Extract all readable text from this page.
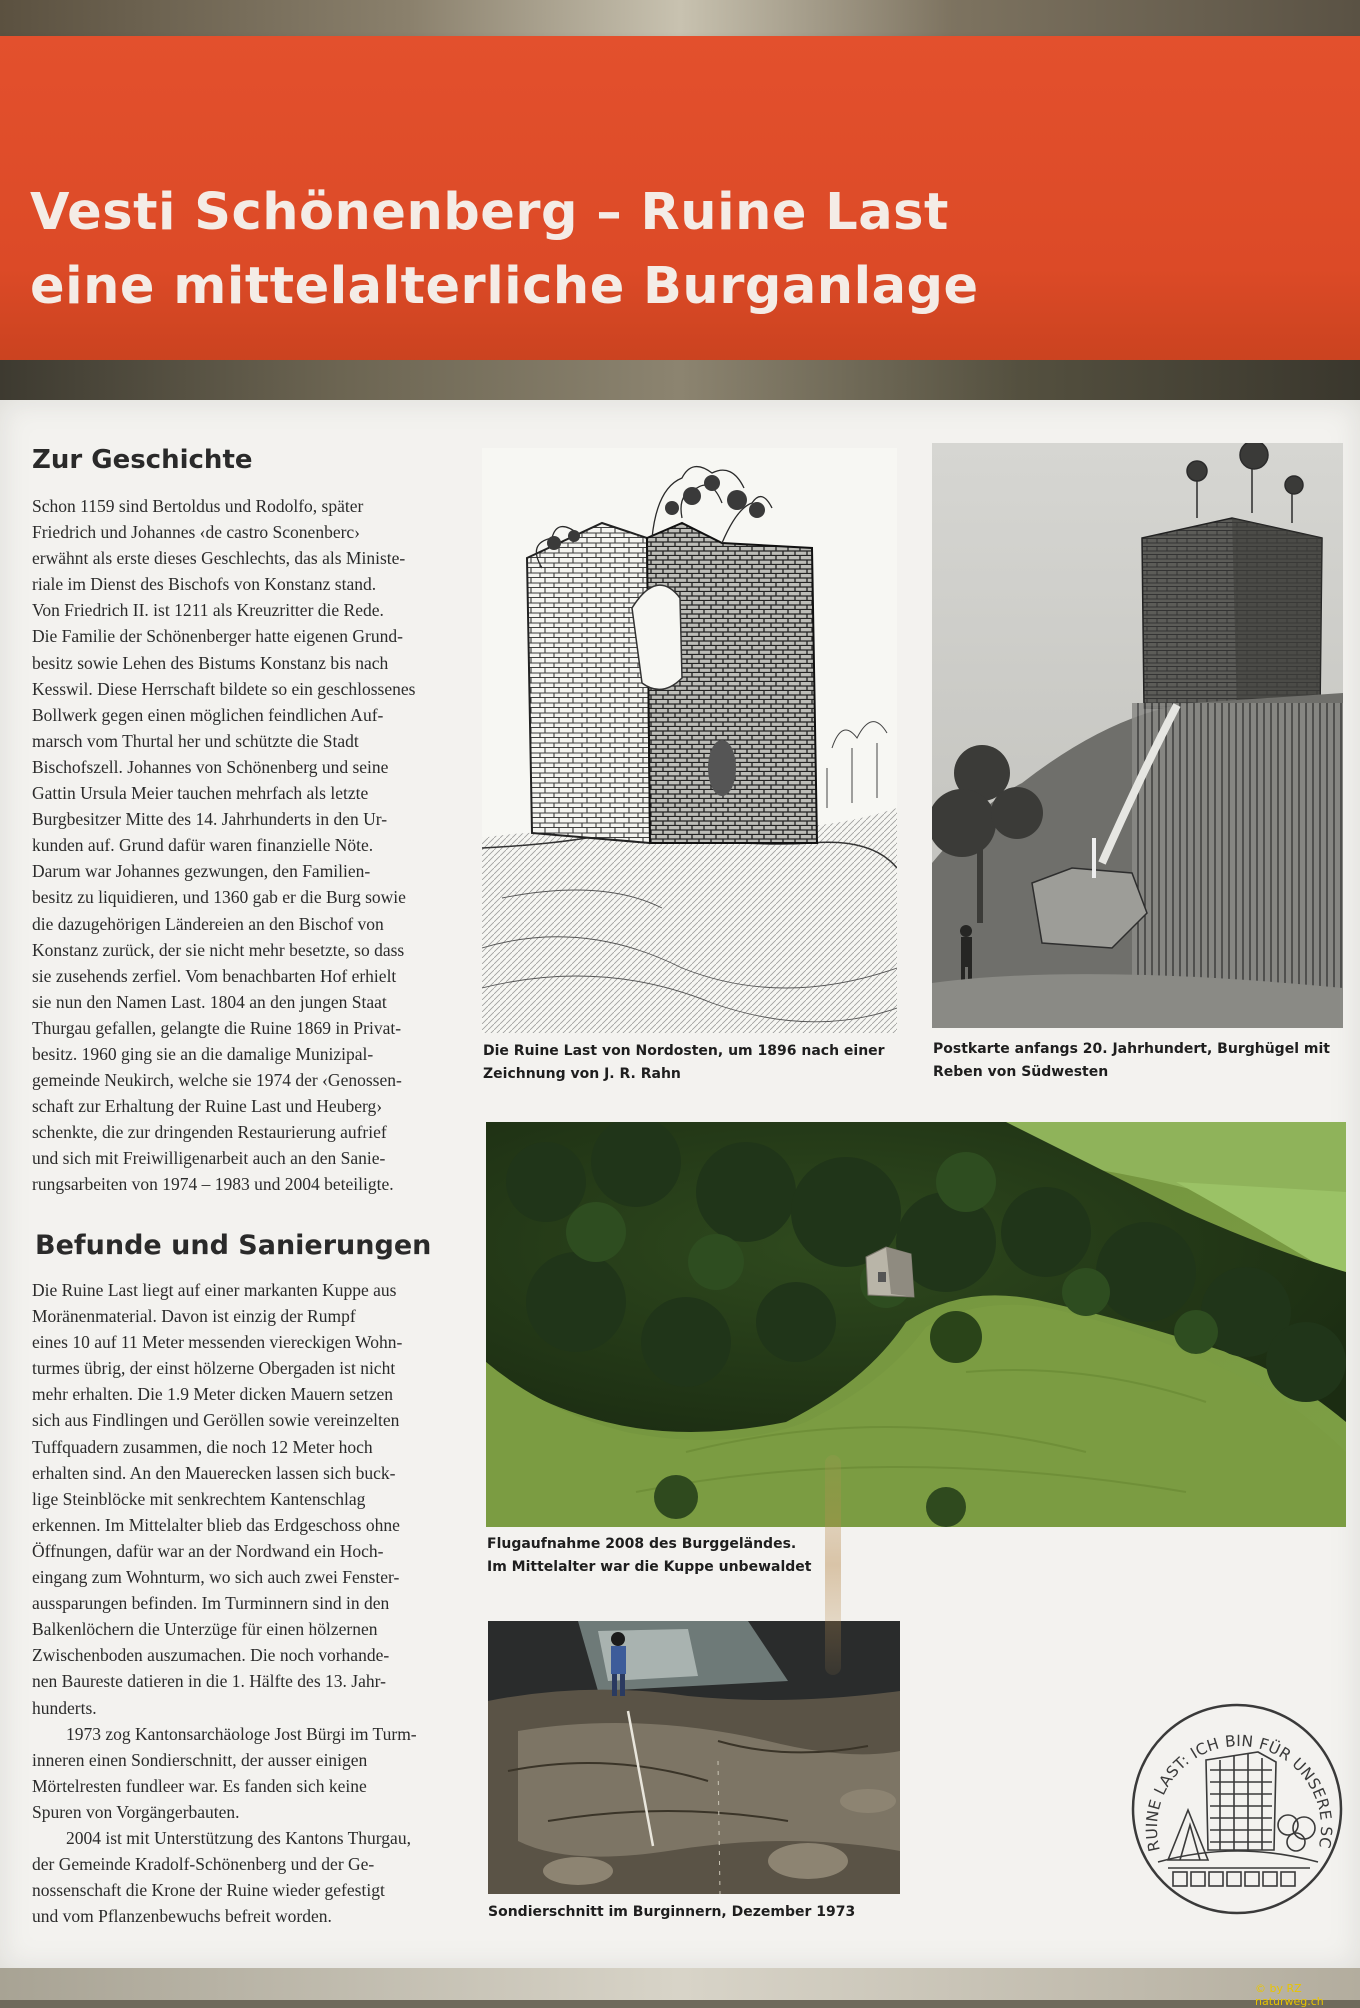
Vesti Schönenberg – Ruine Last
eine mittelalterliche Burganlage
Zur Geschichte
Schon 1159 sind Bertoldus und Rodolfo, später
Friedrich und Johannes ‹de castro Sconenberc›
erwähnt als erste dieses Geschlechts, das als Ministe-
riale im Dienst des Bischofs von Konstanz stand.
Von Friedrich II. ist 1211 als Kreuzritter die Rede.
Die Familie der Schönenberger hatte eigenen Grund-
besitz sowie Lehen des Bistums Konstanz bis nach
Kesswil. Diese Herrschaft bildete so ein geschlossenes
Bollwerk gegen einen möglichen feindlichen Auf-
marsch vom Thurtal her und schützte die Stadt
Bischofszell. Johannes von Schönenberg und seine
Gattin Ursula Meier tauchen mehrfach als letzte
Burgbesitzer Mitte des 14. Jahrhunderts in den Ur-
kunden auf. Grund dafür waren finanzielle Nöte.
Darum war Johannes gezwungen, den Familien-
besitz zu liquidieren, und 1360 gab er die Burg sowie
die dazugehörigen Ländereien an den Bischof von
Konstanz zurück, der sie nicht mehr besetzte, so dass
sie zusehends zerfiel. Vom benachbarten Hof erhielt
sie nun den Namen Last. 1804 an den jungen Staat
Thurgau gefallen, gelangte die Ruine 1869 in Privat-
besitz. 1960 ging sie an die damalige Munizipal-
gemeinde Neukirch, welche sie 1974 der ‹Genossen-
schaft zur Erhaltung der Ruine Last und Heuberg›
schenkte, die zur dringenden Restaurierung aufrief
und sich mit Freiwilligenarbeit auch an den Sanie-
rungsarbeiten von 1974 – 1983 und 2004 beteiligte.
Befunde und Sanierungen
Die Ruine Last liegt auf einer markanten Kuppe aus
Moränenmaterial. Davon ist einzig der Rumpf
eines 10 auf 11 Meter messenden viereckigen Wohn-
turmes übrig, der einst hölzerne Obergaden ist nicht
mehr erhalten. Die 1.9 Meter dicken Mauern setzen
sich aus Findlingen und Geröllen sowie vereinzelten
Tuffquadern zusammen, die noch 12 Meter hoch
erhalten sind. An den Mauerecken lassen sich buck-
lige Steinblöcke mit senkrechtem Kantenschlag
erkennen. Im Mittelalter blieb das Erdgeschoss ohne
Öffnungen, dafür war an der Nordwand ein Hoch-
eingang zum Wohnturm, wo sich auch zwei Fenster-
aussparungen befinden. Im Turminnern sind in den
Balkenlöchern die Unterzüge für einen hölzernen
Zwischenboden auszumachen. Die noch vorhande-
nen Baureste datieren in die 1. Hälfte des 13. Jahr-
hunderts.
1973 zog Kantonsarchäologe Jost Bürgi im Turm-
inneren einen Sondierschnitt, der ausser einigen
Mörtelresten fundleer war. Es fanden sich keine
Spuren von Vorgängerbauten.
2004 ist mit Unterstützung des Kantons Thurgau,
der Gemeinde Kradolf-Schönenberg und der Ge-
nossenschaft die Krone der Ruine wieder gefestigt
und vom Pflanzenbewuchs befreit worden.

Die Ruine Last von Nordosten, um 1896 nach einer
Zeichnung von J. R. Rahn

Postkarte anfangs 20. Jahrhundert, Burghügel mit
Reben von Südwesten

Flugaufnahme 2008 des Burggeländes.
Im Mittelalter war die Kuppe unbewaldet

Sondierschnitt im Burginnern, Dezember 1973

RUINE LAST: ICH BIN FÜR UNSERE SC
© by RZ naturweg.ch
